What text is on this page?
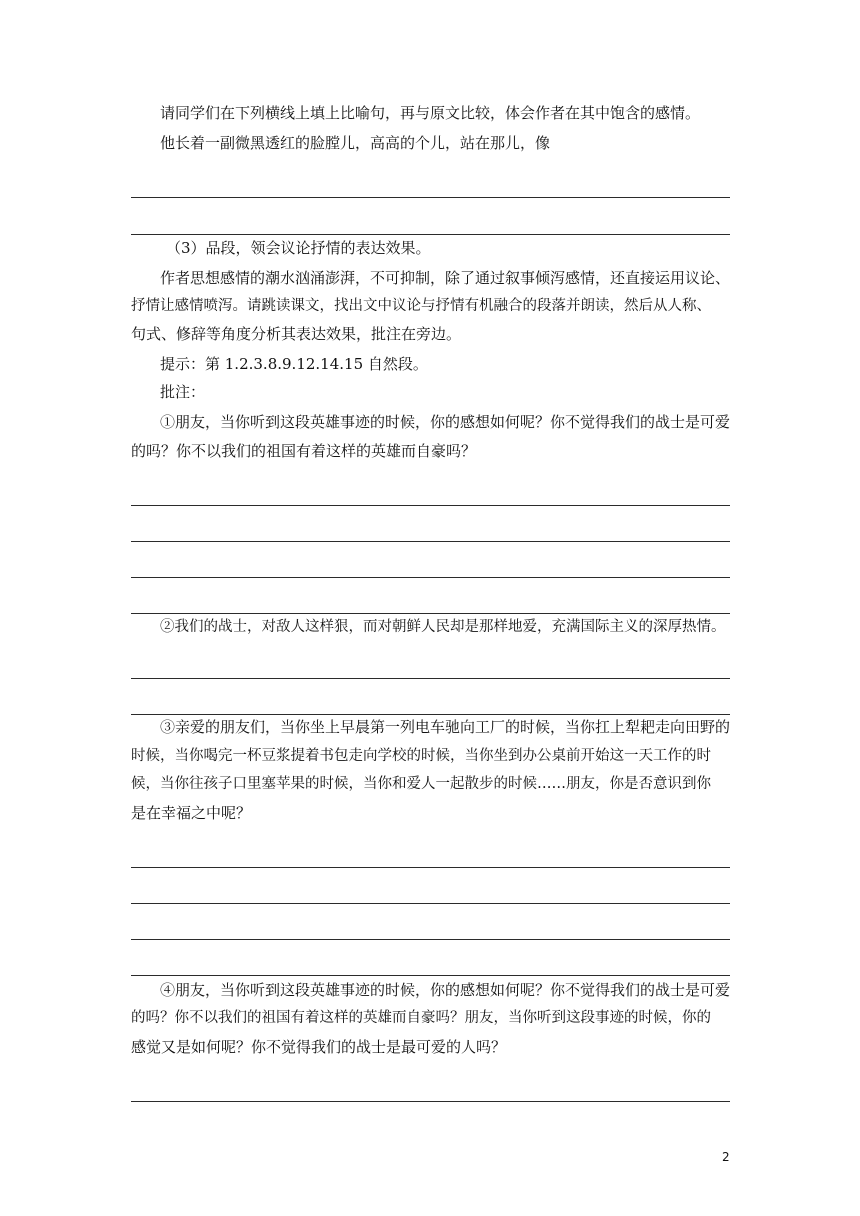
请同学们在下列横线上填上比喻句，再与原文比较，体会作者在其中饱含的感情。

他长着一副微黑透红的脸膛儿，高高的个儿，站在那儿，像

（3）品段，领会议论抒情的表达效果。

作者思想感情的潮水汹涌澎湃，不可抑制，除了通过叙事倾泻感情，还直接运用议论、

抒情让感情喷泻。请跳读课文，找出文中议论与抒情有机融合的段落并朗读，然后从人称、

句式、修辞等角度分析其表达效果，批注在旁边。

提示：第 1.2.3.8.9.12.14.15 自然段。

批注：

①朋友，当你听到这段英雄事迹的时候，你的感想如何呢？你不觉得我们的战士是可爱

的吗？你不以我们的祖国有着这样的英雄而自豪吗？

②我们的战士，对敌人这样狠，而对朝鲜人民却是那样地爱，充满国际主义的深厚热情。

③亲爱的朋友们，当你坐上早晨第一列电车驰向工厂的时候，当你扛上犁耙走向田野的

时候，当你喝完一杯豆浆提着书包走向学校的时候，当你坐到办公桌前开始这一天工作的时

候，当你往孩子口里塞苹果的时候，当你和爱人一起散步的时候……朋友，你是否意识到你

是在幸福之中呢？

④朋友，当你听到这段英雄事迹的时候，你的感想如何呢？你不觉得我们的战士是可爱

的吗？你不以我们的祖国有着这样的英雄而自豪吗？朋友，当你听到这段事迹的时候，你的

感觉又是如何呢？你不觉得我们的战士是最可爱的人吗？

2
